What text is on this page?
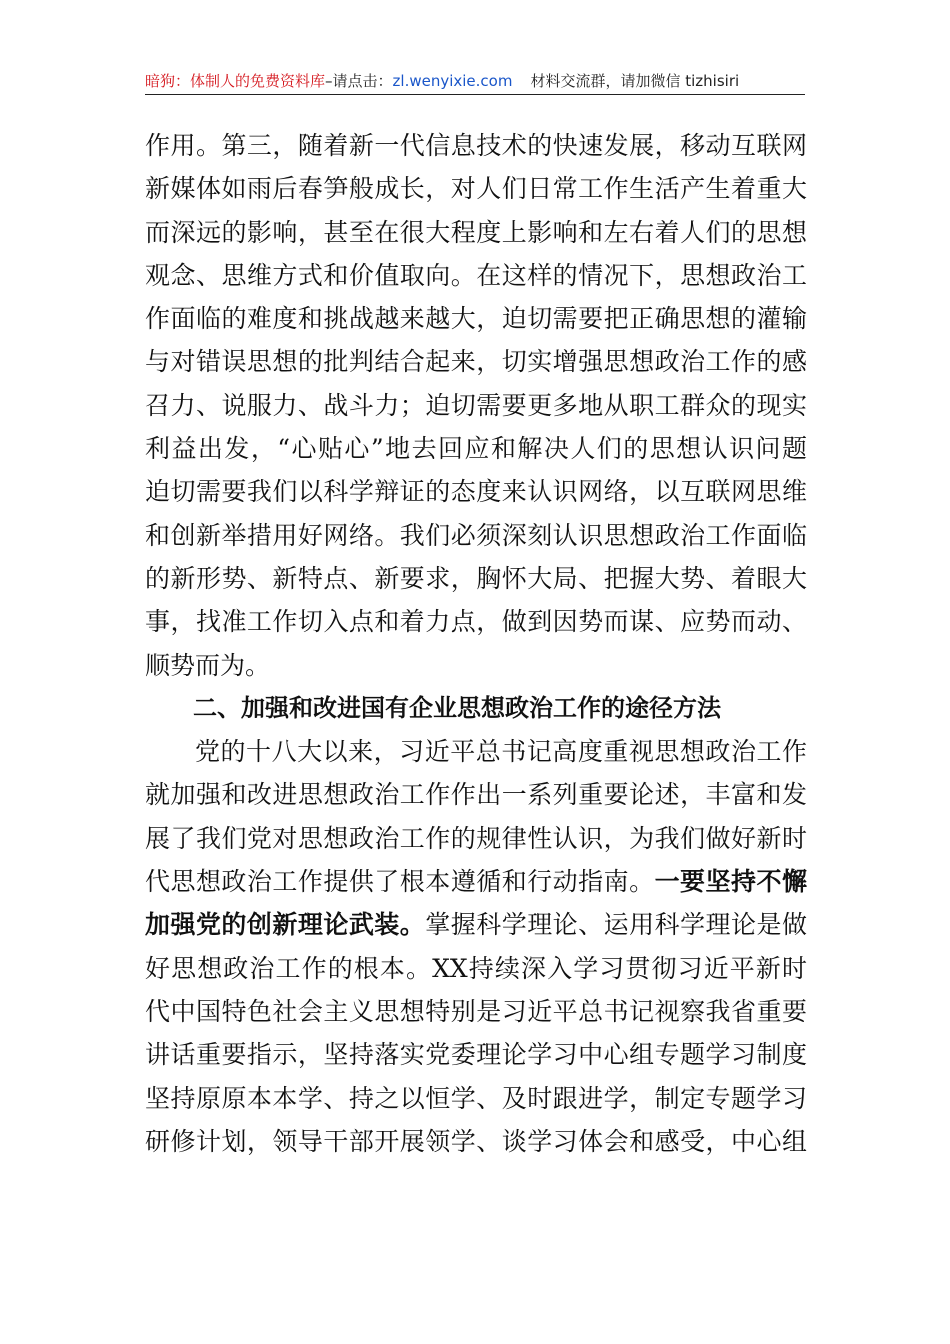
暗狗：体制人的免费资料库–请点击：zl.wenyixie.com 材料交流群，请加微信 tizhisiri
作用。第三，随着新一代信息技术的快速发展，移动互联网
新媒体如雨后春笋般成长，对人们日常工作生活产生着重大
而深远的影响，甚至在很大程度上影响和左右着人们的思想
观念、思维方式和价值取向。在这样的情况下，思想政治工
作面临的难度和挑战越来越大，迫切需要把正确思想的灌输
与对错误思想的批判结合起来，切实增强思想政治工作的感
召力、说服力、战斗力；迫切需要更多地从职工群众的现实
利益出发，“心贴心”地去回应和解决人们的思想认识问题
迫切需要我们以科学辩证的态度来认识网络，以互联网思维
和创新举措用好网络。我们必须深刻认识思想政治工作面临
的新形势、新特点、新要求，胸怀大局、把握大势、着眼大
事，找准工作切入点和着力点，做到因势而谋、应势而动、
顺势而为。
二、加强和改进国有企业思想政治工作的途径方法
党的十八大以来，习近平总书记高度重视思想政治工作
就加强和改进思想政治工作作出一系列重要论述，丰富和发
展了我们党对思想政治工作的规律性认识，为我们做好新时
代思想政治工作提供了根本遵循和行动指南。一要坚持不懈
加强党的创新理论武装。掌握科学理论、运用科学理论是做
好思想政治工作的根本。XX持续深入学习贯彻习近平新时
代中国特色社会主义思想特别是习近平总书记视察我省重要
讲话重要指示，坚持落实党委理论学习中心组专题学习制度
坚持原原本本学、持之以恒学、及时跟进学，制定专题学习
研修计划，领导干部开展领学、谈学习体会和感受，中心组
